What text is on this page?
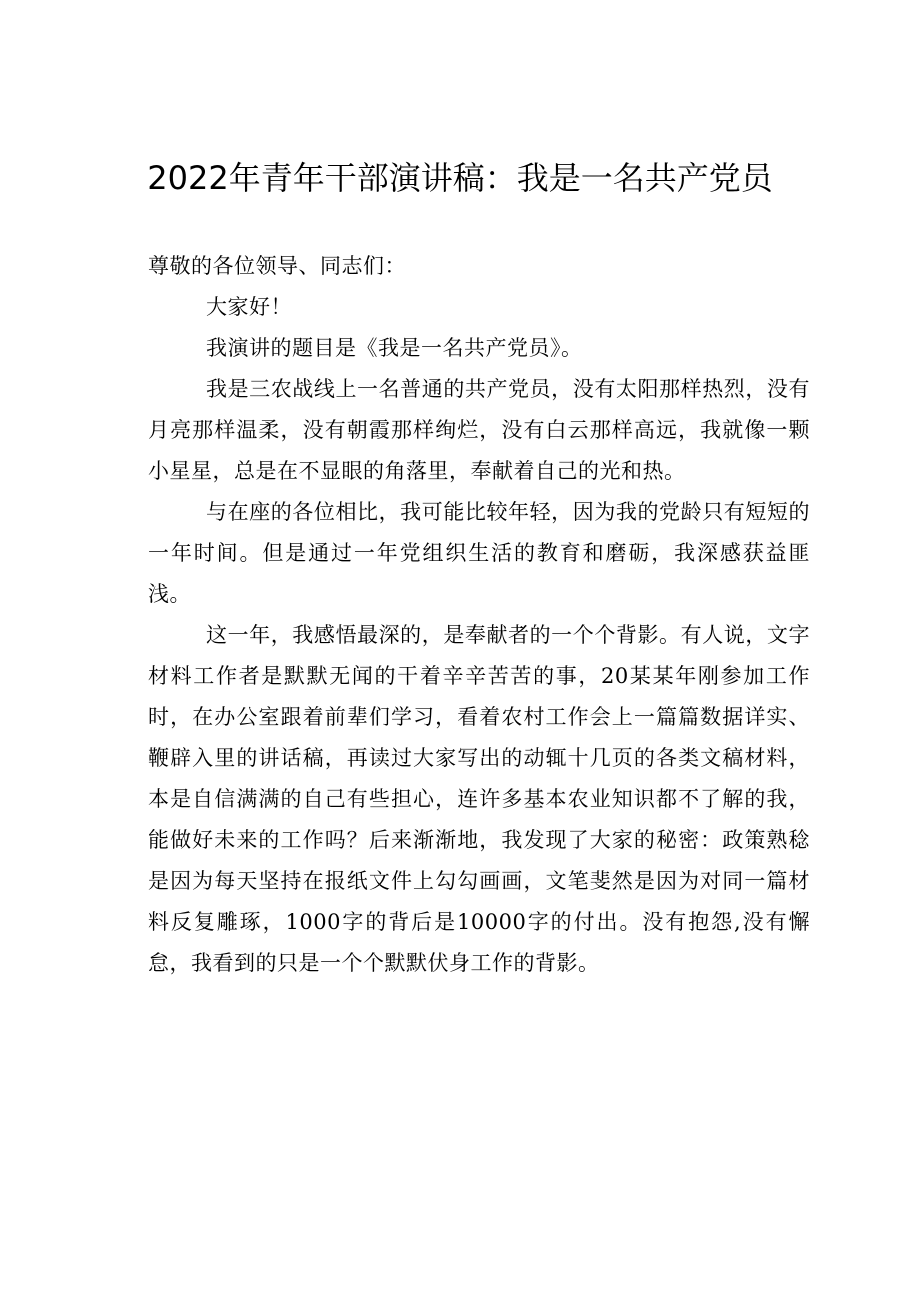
2022年青年干部演讲稿：我是一名共产党员

尊敬的各位领导、同志们：

大家好！

我演讲的题目是《我是一名共产党员》。

我是三农战线上一名普通的共产党员，没有太阳那样热烈，没有月亮那样温柔，没有朝霞那样绚烂，没有白云那样高远，我就像一颗小星星，总是在不显眼的角落里，奉献着自己的光和热。

与在座的各位相比，我可能比较年轻，因为我的党龄只有短短的一年时间。但是通过一年党组织生活的教育和磨砺，我深感获益匪浅。

这一年，我感悟最深的，是奉献者的一个个背影。有人说，文字材料工作者是默默无闻的干着辛辛苦苦的事，20某某年刚参加工作时，在办公室跟着前辈们学习，看着农村工作会上一篇篇数据详实、鞭辟入里的讲话稿，再读过大家写出的动辄十几页的各类文稿材料，本是自信满满的自己有些担心，连许多基本农业知识都不了解的我，能做好未来的工作吗？后来渐渐地，我发现了大家的秘密：政策熟稔是因为每天坚持在报纸文件上勾勾画画，文笔斐然是因为对同一篇材料反复雕琢，1000字的背后是10000字的付出。没有抱怨,没有懈怠，我看到的只是一个个默默伏身工作的背影。
